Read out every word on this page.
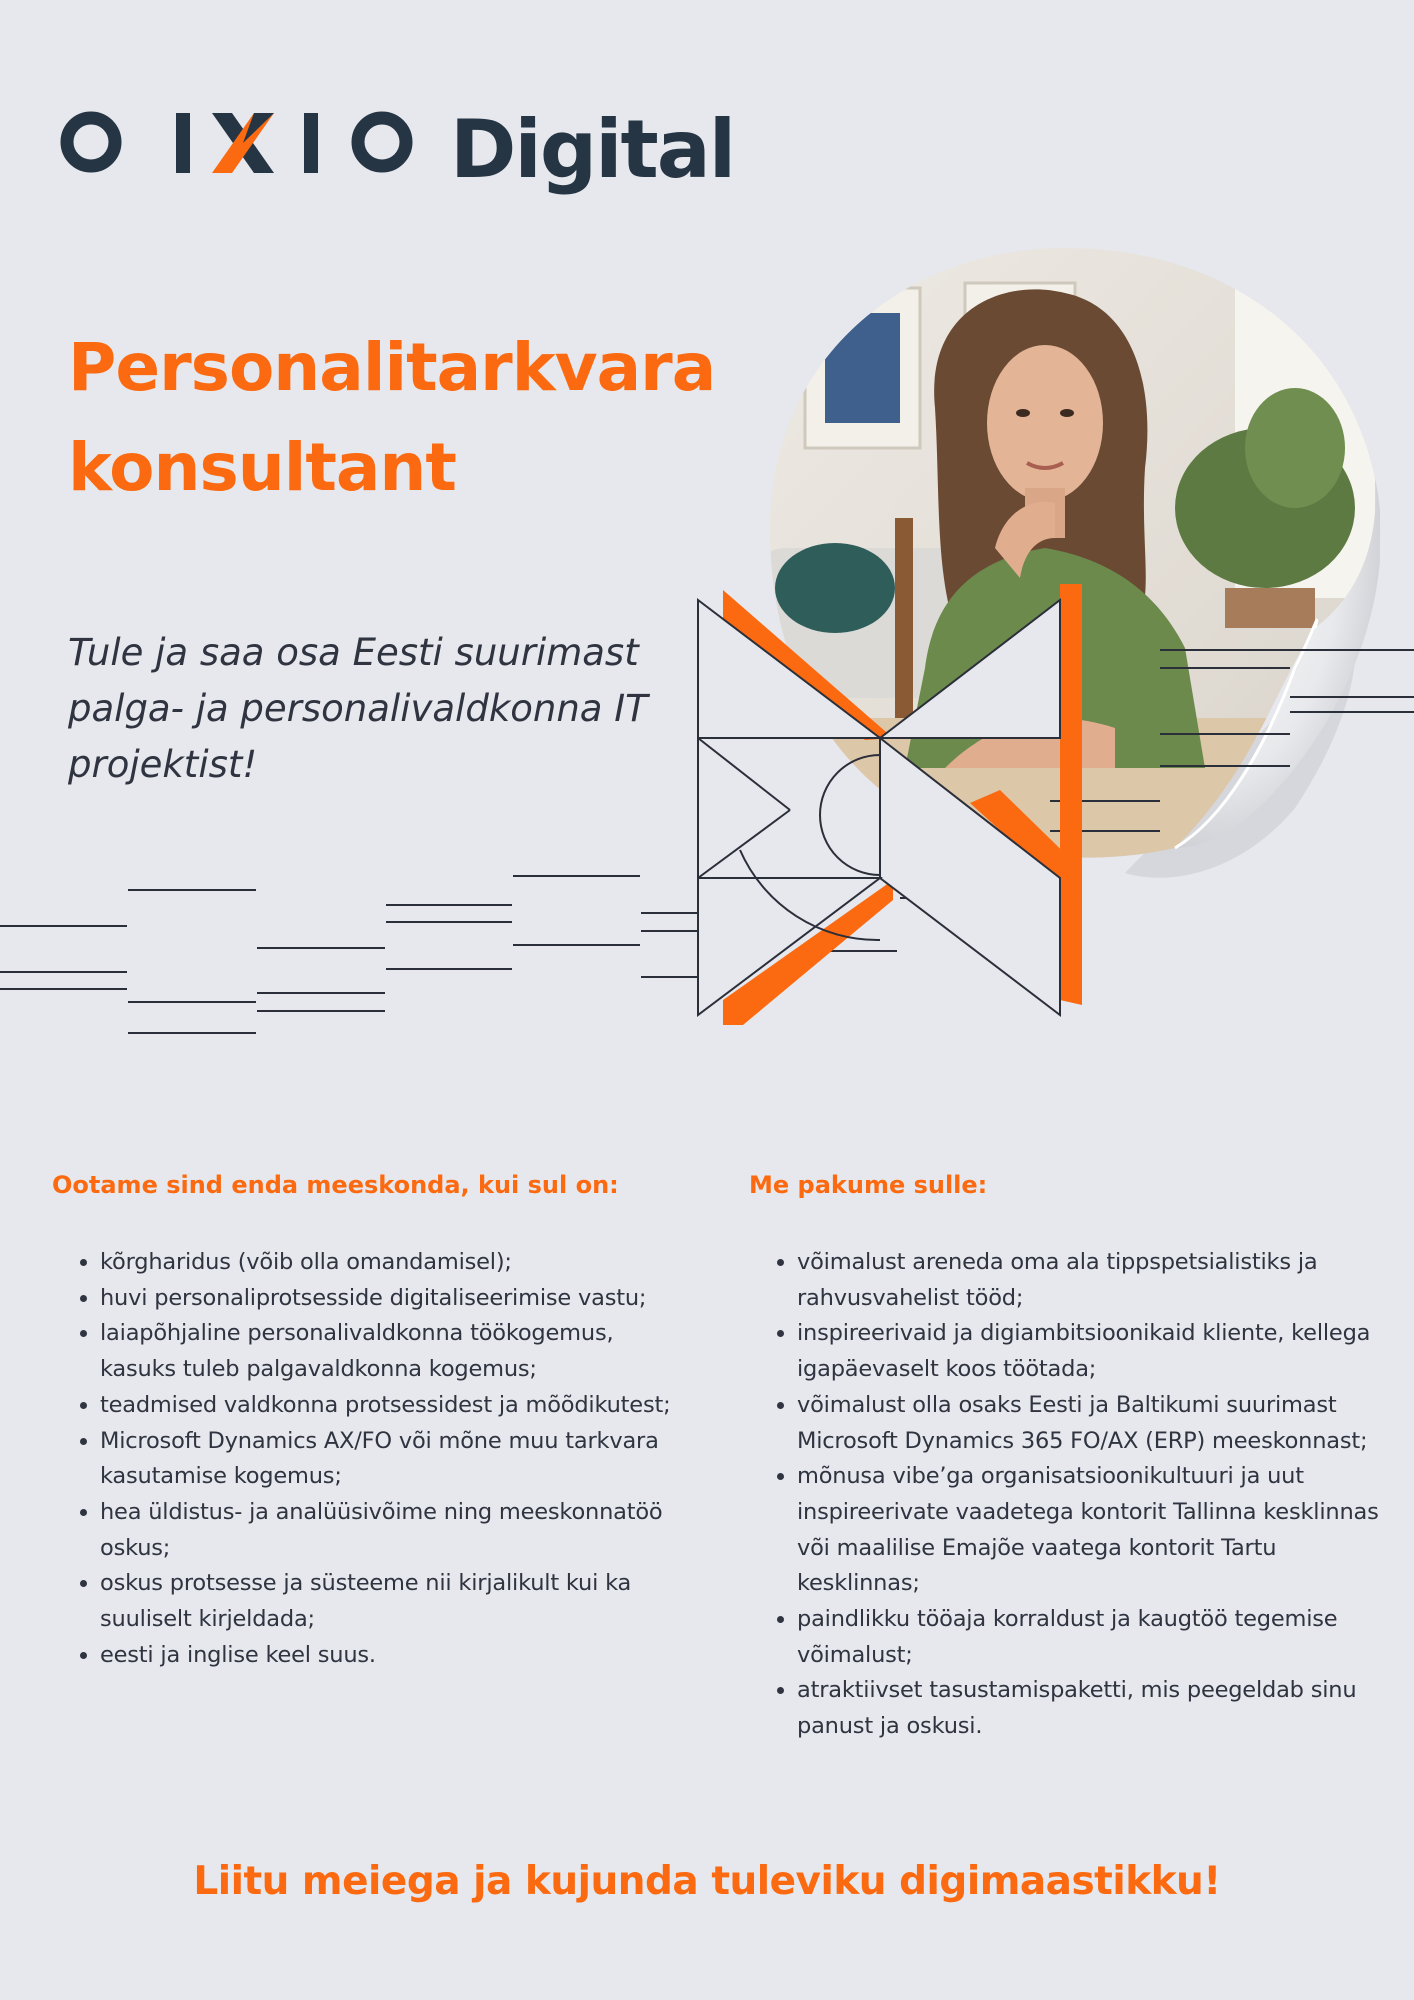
Digital
Personalitarkvara
konsultant

Tule ja saa osa Eesti suurimast palga- ja personalivaldkonna IT projektist!

Ootame sind enda meeskonda, kui sul on:
• kõrgharidus (võib olla omandamisel);
• huvi personaliprotsesside digitaliseerimise vastu;
• laiapõhjaline personalivaldkonna töökogemus, kasuks tuleb palgavaldkonna kogemus;
• teadmised valdkonna protsessidest ja mõõdikutest;
• Microsoft Dynamics AX/FO või mõne muu tarkvara kasutamise kogemus;
• hea üldistus- ja analüüsivõime ning meeskonnatöö oskus;
• oskus protsesse ja süsteeme nii kirjalikult kui ka suuliselt kirjeldada;
• eesti ja inglise keel suus.
Me pakume sulle:
• võimalust areneda oma ala tippspetsialistiks ja rahvusvahelist tööd;
• inspireerivaid ja digiambitsioonikaid kliente, kellega igapäevaselt koos töötada;
• võimalust olla osaks Eesti ja Baltikumi suurimast Microsoft Dynamics 365 FO/AX (ERP) meeskonnast;
• mõnusa vibe’ga organisatsioonikultuuri ja uut inspireerivate vaadetega kontorit Tallinna kesklinnas või maalilise Emajõe vaatega kontorit Tartu kesklinnas;
• paindlikku tööaja korraldust ja kaugtöö tegemise võimalust;
• atraktiivset tasustamispaketti, mis peegeldab sinu panust ja oskusi.

Liitu meiega ja kujunda tuleviku digimaastikku!
